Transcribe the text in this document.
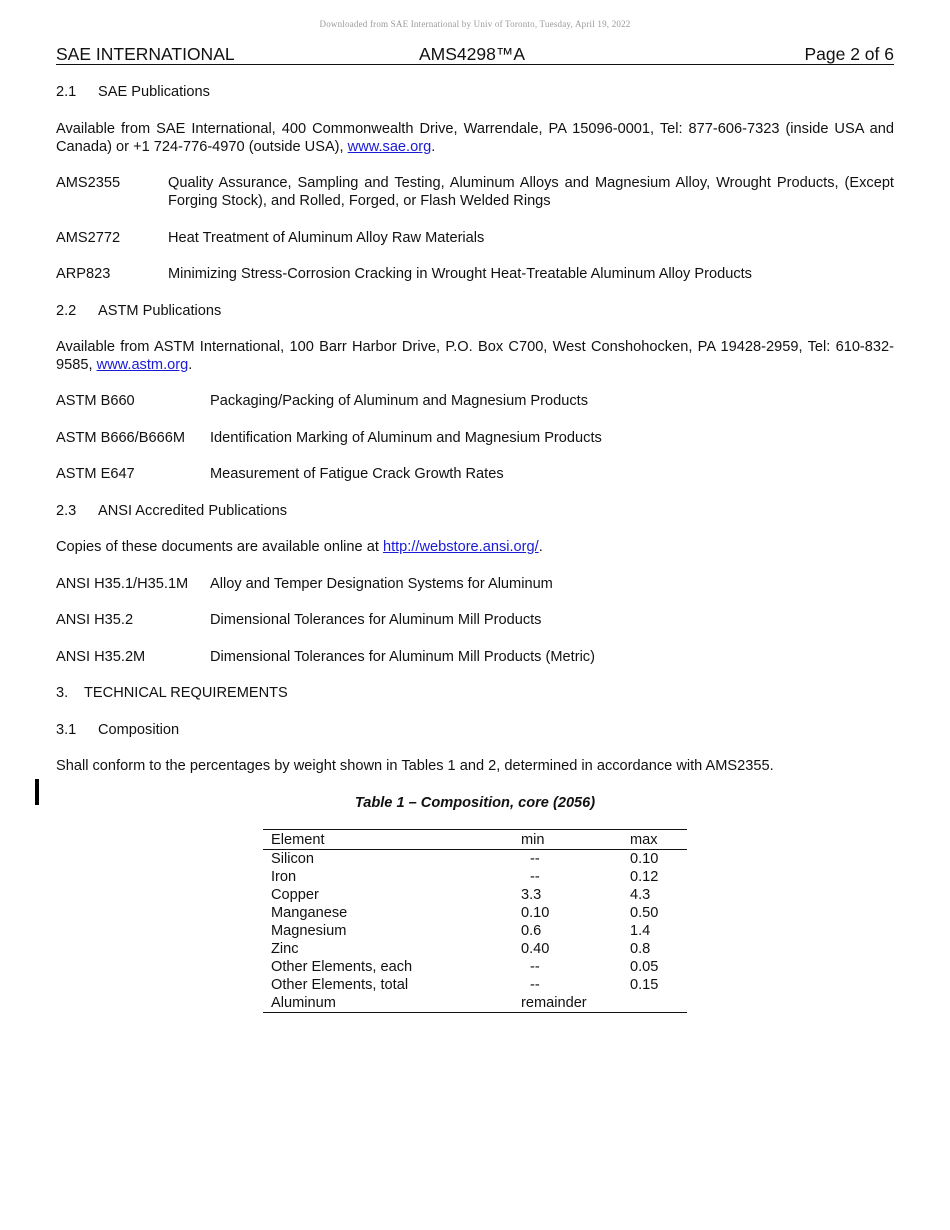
Downloaded from SAE International by Univ of Toronto, Tuesday, April 19, 2022
SAE INTERNATIONAL	AMS4298™A	Page 2 of 6
2.1 SAE Publications
Available from SAE International, 400 Commonwealth Drive, Warrendale, PA 15096-0001, Tel: 877-606-7323 (inside USA and Canada) or +1 724-776-4970 (outside USA), www.sae.org.
AMS2355	Quality Assurance, Sampling and Testing, Aluminum Alloys and Magnesium Alloy, Wrought Products, (Except Forging Stock), and Rolled, Forged, or Flash Welded Rings
AMS2772	Heat Treatment of Aluminum Alloy Raw Materials
ARP823	Minimizing Stress-Corrosion Cracking in Wrought Heat-Treatable Aluminum Alloy Products
2.2 ASTM Publications
Available from ASTM International, 100 Barr Harbor Drive, P.O. Box C700, West Conshohocken, PA 19428-2959, Tel: 610-832-9585, www.astm.org.
ASTM B660	Packaging/Packing of Aluminum and Magnesium Products
ASTM B666/B666M Identification Marking of Aluminum and Magnesium Products
ASTM E647	Measurement of Fatigue Crack Growth Rates
2.3 ANSI Accredited Publications
Copies of these documents are available online at http://webstore.ansi.org/.
ANSI H35.1/H35.1M Alloy and Temper Designation Systems for Aluminum
ANSI H35.2	Dimensional Tolerances for Aluminum Mill Products
ANSI H35.2M	Dimensional Tolerances for Aluminum Mill Products (Metric)
3. TECHNICAL REQUIREMENTS
3.1 Composition
Shall conform to the percentages by weight shown in Tables 1 and 2, determined in accordance with AMS2355.
Table 1 – Composition, core (2056)
Element	min	max
Silicon	--	0.10
Iron	--	0.12
Copper	3.3	4.3
Manganese	0.10	0.50
Magnesium	0.6	1.4
Zinc	0.40	0.8
Other Elements, each	--	0.05
Other Elements, total	--	0.15
Aluminum	remainder	
